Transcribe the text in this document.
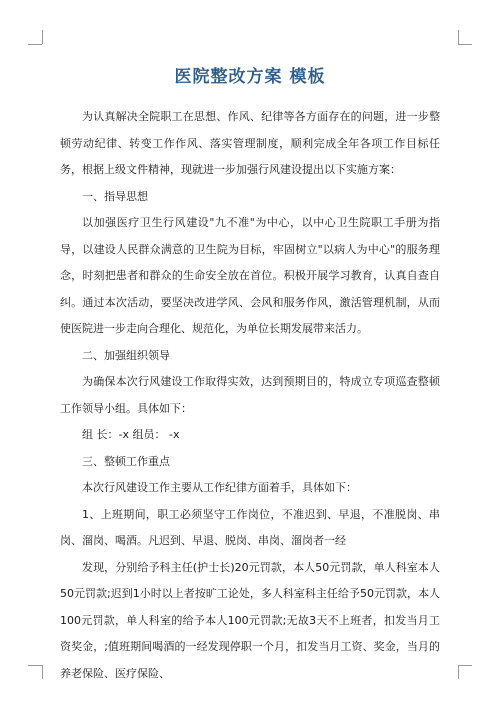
医院整改方案 模板

为认真解决全院职工在思想、作风、纪律等各方面存在的问题，进一步整顿劳动纪律、转变工作作风、落实管理制度，顺利完成全年各项工作目标任务，根据上级文件精神，现就进一步加强行风建设提出以下实施方案：

一、指导思想

以加强医疗卫生行风建设"九不准"为中心，以中心卫生院职工手册为指导，以建设人民群众满意的卫生院为目标，牢固树立"以病人为中心"的服务理念，时刻把患者和群众的生命安全放在首位。积极开展学习教育，认真自查自纠。通过本次活动，要坚决改进学风、会风和服务作风，激活管理机制，从而使医院进一步走向合理化、规范化，为单位长期发展带来活力。

二、加强组织领导

为确保本次行风建设工作取得实效，达到预期目的，特成立专项巡查整顿工作领导小组。具体如下：

组 长：-x 组员： -x

三、整顿工作重点

本次行风建设工作主要从工作纪律方面着手，具体如下：

1、上班期间，职工必须坚守工作岗位，不准迟到、早退，不准脱岗、串岗、溜岗、喝酒。凡迟到、早退、脱岗、串岗、溜岗者一经

发现，分别给予科主任(护士长)20元罚款，本人50元罚款，单人科室本人50元罚款;迟到1小时以上者按旷工论处，多人科室科主任给予50元罚款，本人100元罚款，单人科室的给予本人100元罚款;无故3天不上班者，扣发当月工资奖金，;值班期间喝酒的一经发现停职一个月，扣发当月工资、奖金，当月的养老保险、医疗保险、
